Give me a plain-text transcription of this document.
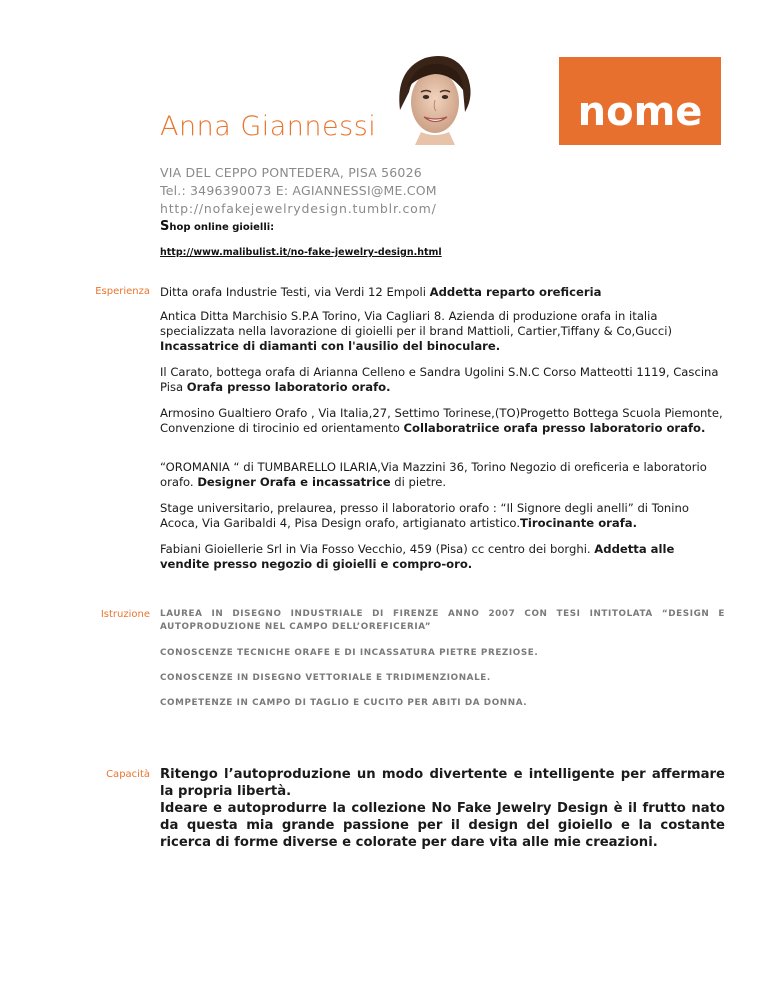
Anna Giannessi	nome
VIA DEL CEPPO PONTEDERA, PISA 56026
Tel.: 3496390073 E: AGIANNESSI@ME.COM
http://nofakejewelrydesign.tumblr.com/
Shop online gioielli:
http://www.malibulist.it/no-fake-jewelry-design.html
Esperienza Ditta orafa Industrie Testi, via Verdi 12 Empoli Addetta reparto oreficeria
Antica Ditta Marchisio S.P.A Torino, Via Cagliari 8. Azienda di produzione orafa in italia specializzata nella lavorazione di gioielli per il brand Mattioli, Cartier,Tiffany & Co,Gucci) Incassatrice di diamanti con l'ausilio del binoculare.
Il Carato, bottega orafa di Arianna Celleno e Sandra Ugolini S.N.C Corso Matteotti 1119, Cascina Pisa Orafa presso laboratorio orafo.
Armosino Gualtiero Orafo , Via Italia,27, Settimo Torinese,(TO)Progetto Bottega Scuola Piemonte, Convenzione di tirocinio ed orientamento Collaboratriice orafa presso laboratorio orafo.
“OROMANIA “ di TUMBARELLO ILARIA,Via Mazzini 36, Torino Negozio di oreficeria e laboratorio orafo. Designer Orafa e incassatrice di pietre.
Stage universitario, prelaurea, presso il laboratorio orafo : “Il Signore degli anelli” di Tonino Acoca, Via Garibaldi 4, Pisa Design orafo, artigianato artistico.Tirocinante orafa.
Fabiani Gioiellerie Srl in Via Fosso Vecchio, 459 (Pisa) cc centro dei borghi. Addetta alle vendite presso negozio di gioielli e compro-oro.
Istruzione LAUREA IN DISEGNO INDUSTRIALE DI FIRENZE ANNO 2007 CON TESI INTITOLATA “DESIGN E AUTOPRODUZIONE NEL CAMPO DELL’OREFICERIA”
CONOSCENZE TECNICHE ORAFE E DI INCASSATURA PIETRE PREZIOSE.
CONOSCENZE IN DISEGNO VETTORIALE E TRIDIMENZIONALE.
COMPETENZE IN CAMPO DI TAGLIO E CUCITO PER ABITI DA DONNA.
Capacità Ritengo l’autoproduzione un modo divertente e intelligente per affermare la propria libertà.

Ideare e autoprodurre la collezione No Fake Jewelry Design è il frutto nato da questa mia grande passione per il design del gioiello e la costante ricerca di forme diverse e colorate per dare vita alle mie creazioni.
